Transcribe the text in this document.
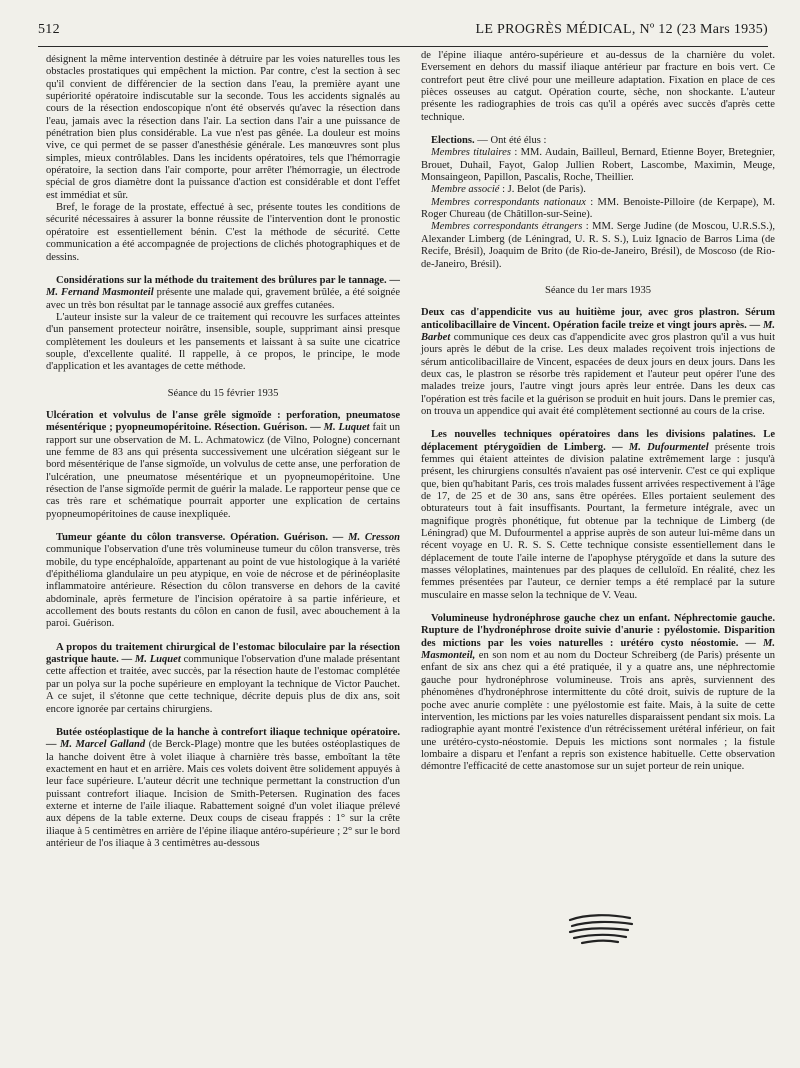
512	LE PROGRÈS MÉDICAL, Nº 12 (23 Mars 1935)

désignent la même intervention destinée à détruire par les voies naturelles tous les obstacles prostatiques qui empêchent la miction. Par contre, c'est la section à sec qu'il convient de différencier de la section dans l'eau, la première ayant une supériorité opératoire indiscutable sur la seconde. Tous les accidents signalés au cours de la résection endoscopique n'ont été observés qu'avec la résection dans l'eau, jamais avec la résection dans l'air. La section dans l'air a une puissance de pénétration bien plus considérable. La vue n'est pas gênée. La douleur est moins vive, ce qui permet de se passer d'anesthésie générale. Les manœuvres sont plus simples, mieux contrôlables. Dans les incidents opératoires, tels que l'hémorragie opératoire, la section dans l'air comporte, pour arrêter l'hémorragie, un électrode spécial de gros diamètre dont la puissance d'action est considérable et dont l'effet est immédiat et sûr.

Bref, le forage de la prostate, effectué à sec, présente toutes les conditions de sécurité nécessaires à assurer la bonne réussite de l'intervention dont le pronostic opératoire est essentiellement bénin. C'est la méthode de sécurité. Cette communication a été accompagnée de projections de clichés photographiques et de dessins.

Considérations sur la méthode du traitement des brûlures par le tannage. — M. Fernand Masmonteil présente une malade qui, gravement brûlée, a été soignée avec un très bon résultat par le tannage associé aux greffes cutanées.

L'auteur insiste sur la valeur de ce traitement qui recouvre les surfaces atteintes d'un pansement protecteur noirâtre, insensible, souple, supprimant ainsi presque complètement les douleurs et les pansements et laissant à sa suite une cicatrice souple, d'excellente qualité. Il rappelle, à ce propos, le principe, le mode d'application et les avantages de cette méthode.

Séance du 15 février 1935

Ulcération et volvulus de l'anse grêle sigmoïde : perforation, pneumatose mésentérique ; pyopneumopéritoine. Résection. Guérison. — M. Luquet fait un rapport sur une observation de M. L. Achmatowicz (de Vilno, Pologne) concernant une femme de 83 ans qui présenta successivement une ulcération siégeant sur le bord mésentérique de l'anse sigmoïde, un volvulus de cette anse, une perforation de l'ulcération, une pneumatose mésentérique et un pyopneumopéritoine. Une résection de l'anse sigmoïde permit de guérir la malade. Le rapporteur pense que ce cas très rare et schématique pourrait apporter une explication de certains pyopneumopéritoines de cause inexpliquée.

Tumeur géante du côlon transverse. Opération. Guérison. — M. Cresson communique l'observation d'une très volumineuse tumeur du côlon transverse, très mobile, du type encéphaloïde, appartenant au point de vue histologique à la variété d'épithélioma glandulaire un peu atypique, en voie de nécrose et de périnéoplasite inflammatoire antérieure. Résection du côlon transverse en dehors de la cavité abdominale, après fermeture de l'incision opératoire à sa partie inférieure, et accollement des bouts restants du côlon en canon de fusil, avec abouchement à la paroi. Guérison.

A propos du traitement chirurgical de l'estomac biloculaire par la résection gastrique haute. — M. Luquet communique l'observation d'une malade présentant cette affection et traitée, avec succès, par la résection haute de l'estomac complétée par un polya sur la poche supérieure en employant la technique de Victor Pauchet. A ce sujet, il s'étonne que cette technique, décrite depuis plus de dix ans, soit encore ignorée par certains chirurgiens.

Butée ostéoplastique de la hanche à contrefort iliaque technique opératoire. — M. Marcel Galland (de Berck-Plage) montre que les butées ostéoplastiques de la hanche doivent être à volet iliaque à charnière très basse, emboîtant la tête exactement en haut et en arrière. Mais ces volets doivent être solidement appuyés à leur face supérieure. L'auteur décrit une technique permettant la construction d'un puissant contrefort iliaque. Incision de Smith-Petersen. Rugination des faces externe et interne de l'aile iliaque. Rabattement soigné d'un volet iliaque prélevé aux dépens de la table externe. Deux coups de ciseau frappés : 1° sur la crête iliaque à 5 centimètres en arrière de l'épine iliaque antéro-supérieure ; 2° sur le bord antérieur de l'os iliaque à 3 centimètres au-dessous

de l'épine iliaque antéro-supérieure et au-dessus de la charnière du volet. Eversement en dehors du massif iliaque antérieur par fracture en bois vert. Ce contrefort peut être clivé pour une meilleure adaptation. Fixation en place de ces pièces osseuses au catgut. Opération courte, sèche, non shockante. L'auteur présente les radiographies de trois cas qu'il a opérés avec succès d'après cette technique.

Elections. — Ont été élus :

Membres titulaires : MM. Audain, Bailleul, Bernard, Etienne Boyer, Bretegnier, Brouet, Duhail, Fayot, Galop Jullien Robert, Lascombe, Maximin, Meuge, Monsaingeon, Papillon, Pascalis, Roche, Theillier.

Membre associé : J. Belot (de Paris).

Membres correspondants nationaux : MM. Benoiste-Pilloire (de Kerpape), M. Roger Chureau (de Châtillon-sur-Seine).

Membres correspondants étrangers : MM. Serge Judine (de Moscou, U.R.S.S.), Alexander Limberg (de Léningrad, U. R. S. S.), Luiz Ignacio de Barros Lima (de Recife, Brésil), Joaquim de Brito (de Rio-de-Janeiro, Brésil), de Moscoso (de Rio-de-Janeiro, Brésil).

Séance du 1er mars 1935

Deux cas d'appendicite vus au huitième jour, avec gros plastron. Sérum anticolibacillaire de Vincent. Opération facile treize et vingt jours après. — M. Barbet communique ces deux cas d'appendicite avec gros plastron qu'il a vus huit jours après le début de la crise. Les deux malades reçoivent trois injections de sérum anticolibacillaire de Vincent, espacées de deux jours en deux jours. Dans les deux cas, le plastron se résorbe très rapidement et l'auteur peut opérer l'une des malades treize jours, l'autre vingt jours après leur entrée. Dans les deux cas l'opération est très facile et la guérison se produit en huit jours. Dans le premier cas, on trouva un appendice qui avait été complètement sectionné au cours de la crise.

Les nouvelles techniques opératoires dans les divisions palatines. Le déplacement ptérygoïdien de Limberg. — M. Dufourmentel présente trois femmes qui étaient atteintes de division palatine extrêmement large : jusqu'à présent, les chirurgiens consultés n'avaient pas osé intervenir. C'est ce qui explique que, bien qu'habitant Paris, ces trois malades fussent arrivées respectivement à l'âge de 17, de 25 et de 30 ans, sans être opérées. Elles portaient seulement des obturateurs tout à fait insuffisants. Pourtant, la fermeture intégrale, avec un magnifique progrès phonétique, fut obtenue par la technique de Limberg (de Léningrad) que M. Dufourmentel a apprise auprès de son auteur lui-même dans un récent voyage en U. R. S. S. Cette technique consiste essentiellement dans le déplacement de toute l'aile interne de l'apophyse ptérygoïde et dans la suture des masses véloplatines, maintenues par des plaques de celluloïd. En réalité, chez les femmes présentées par l'auteur, ce dernier temps a été remplacé par la suture musculaire en masse selon la technique de V. Veau.

Volumineuse hydronéphrose gauche chez un enfant. Néphrectomie gauche. Rupture de l'hydronéphrose droite suivie d'anurie : pyélostomie. Disparition des mictions par les voies naturelles : urétéro cysto néostomie. — M. Masmonteil, en son nom et au nom du Docteur Schreiberg (de Paris) présente un enfant de six ans chez qui a été pratiquée, il y a quatre ans, une néphrectomie gauche pour hydronéphrose volumineuse. Trois ans après, surviennent des phénomènes d'hydronéphrose intermittente du côté droit, suivis de rupture de la poche avec anurie complète : une pyélostomie est faite. Mais, à la suite de cette intervention, les mictions par les voies naturelles disparaissent pendant six mois. La radiographie ayant montré l'existence d'un rétrécissement urétéral inférieur, on fait une urétéro-cysto-néostomie. Depuis les mictions sont normales ; la fistule lombaire a disparu et l'enfant a repris son existence habituelle. Cette observation démontre l'efficacité de cette anastomose sur un sujet porteur de rein unique.
